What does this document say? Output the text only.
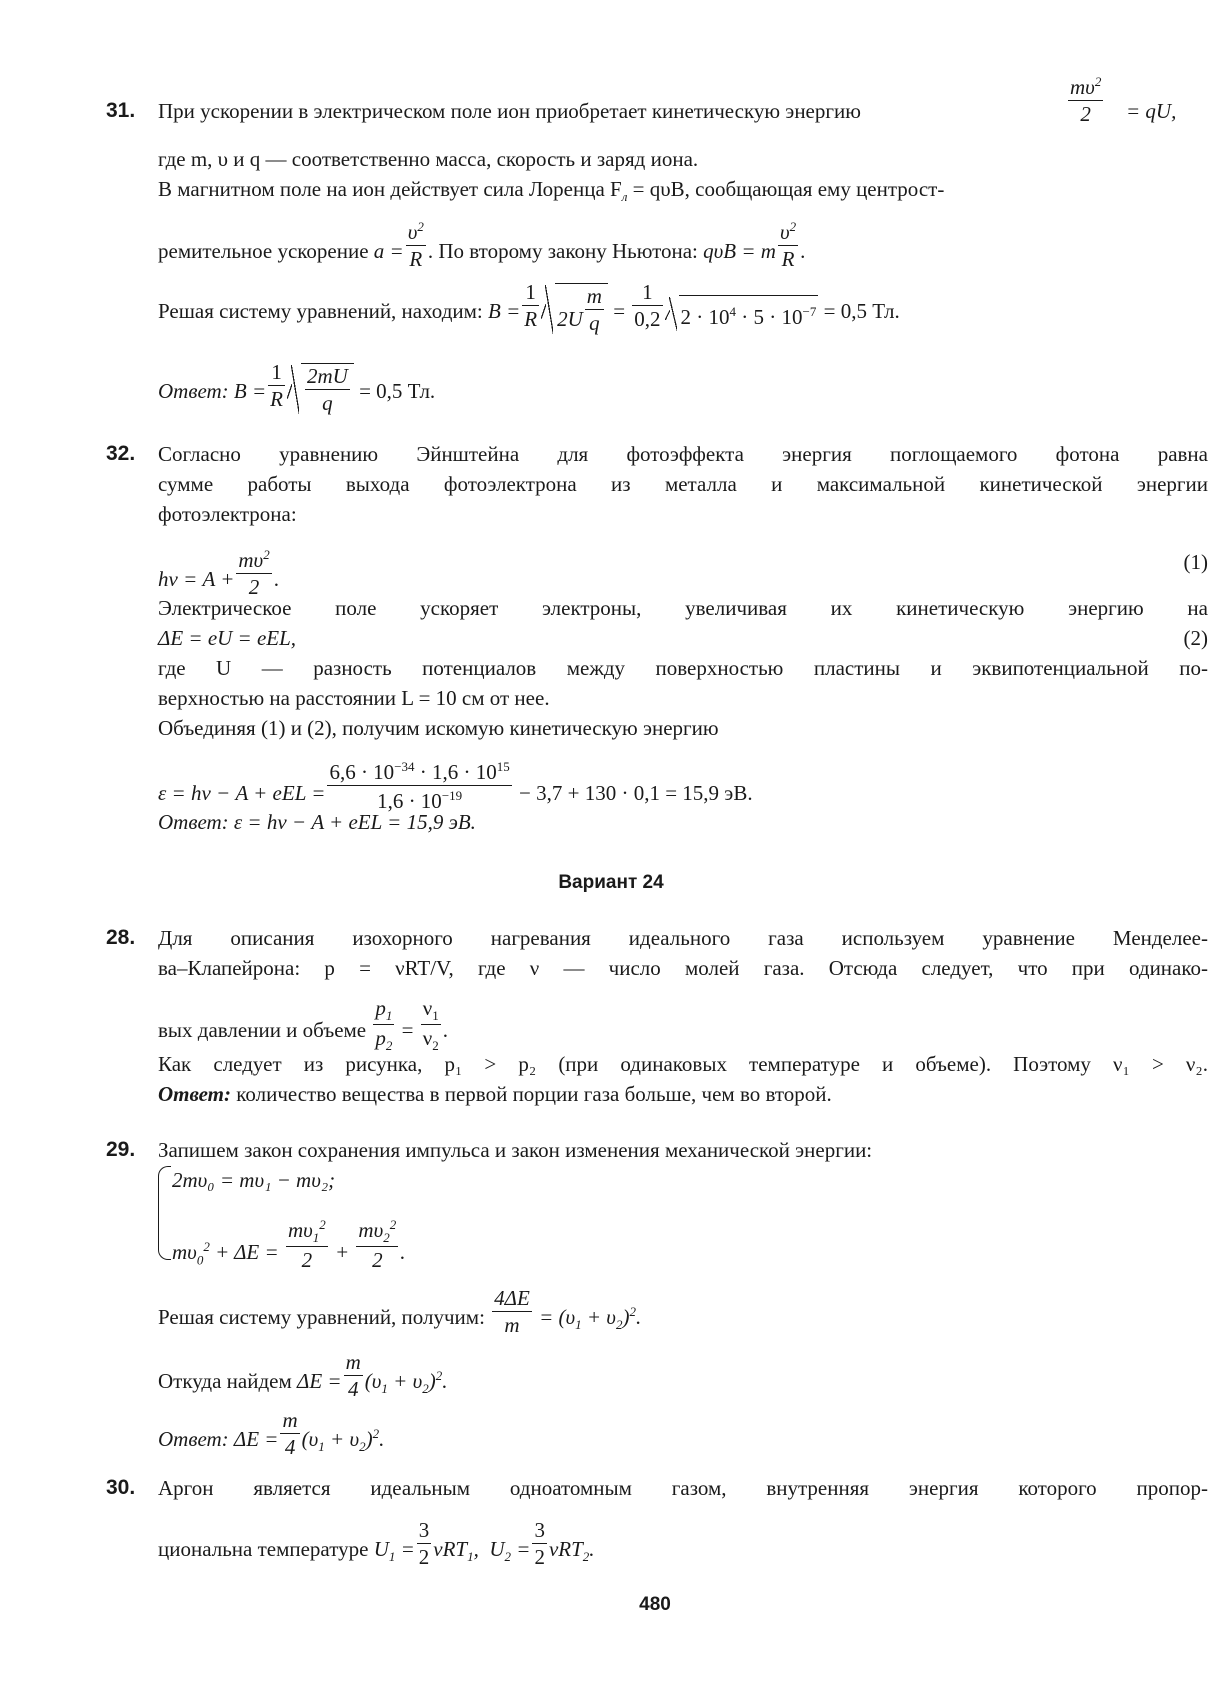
31. При ускорении в электрическом поле ион приобретает кинетическую энергию	$\frac{m\upsilon^2}{2}$ = qU,
где m, υ и q — соответственно масса, скорость и заряд иона.
В магнитном поле на ион действует сила Лоренца $F_л = q\upsilon B$, сообщающая ему центрост-
ремительное ускорение $a = \frac{\upsilon^2}{R}$ . По второму закону Ньютона: qυB = m $\frac{\upsilon^2}{R}$ .
Решая систему уравнений, находим: $B = \frac{1}{R} 2U \frac{m}{q} = \frac{1}{0,2} 2 \cdot 10^4 \cdot 5 \cdot 10^{-7} = 0,5$ Тл.
Ответ: $B = \frac{1}{R} \frac{2mU}{q} = 0,5$ Тл.
32. Согласно уравнению Эйнштейна для фотоэффекта энергия поглощаемого фотона равна
сумме работы выхода фотоэлектрона из металла и максимальной кинетической энергии
фотоэлектрона:
$h\nu = A + \frac{m\upsilon^2}{2}$ .
(1)
Электрическое поле ускоряет электроны, увеличивая их кинетическую энергию на
ΔE = eU = eEL,	(2)
где U — разность потенциалов между поверхностью пластины и эквипотенциальной по-
верхностью на расстоянии L = 10 см от нее.
Объединяя (1) и (2), получим искомую кинетическую энергию
ε = hν − A + eEL = $\frac{6,6 \cdot 10^{-34} \cdot 1,6 \cdot 10^{15}}{1,6 \cdot 10^{-19}} - 3,7 + 130 \cdot 0,1 = 15,9$ эВ.
Ответ: ε = hν − A + eEL = 15,9 эВ.
Вариант 24
28. Для описания изохорного нагревания идеального газа используем уравнение Менделее-
ва–Клапейрона: p = νRT/V, где ν — число молей газа. Отсюда следует, что при одинако-
вых давлении и объеме $\frac{p_1}{p_2} = \frac{\nu_1}{\nu_2}$ .
Как следует из рисунка, p₁ > p₂ (при одинаковых температуре и объеме). Поэтому ν₁ > ν₂.
Ответ: количество вещества в первой порции газа больше, чем во второй.
29. Запишем закон сохранения импульса и закон изменения механической энергии:
2mυ₀ = mυ₁ − mυ₂;
$m\upsilon_0^2 + \Delta E = \frac{m\upsilon_1^2}{2} + \frac{m\upsilon_2^2}{2}$ .
Решая систему уравнений, получим: $\frac{4\Delta E}{m} = (\upsilon_1 + \upsilon_2)^2$.
Откуда найдем $\Delta E = \frac{m}{4} (\upsilon_1 + \upsilon_2)^2$.
Ответ: $\Delta E = \frac{m}{4} (\upsilon_1 + \upsilon_2)^2$.
30. Аргон является идеальным одноатомным газом, внутренняя энергия которого пропор-
циональна температуре $U_1 = \frac{3}{2} \nu RT_1$,  $U_2 = \frac{3}{2} \nu RT_2$.
480
